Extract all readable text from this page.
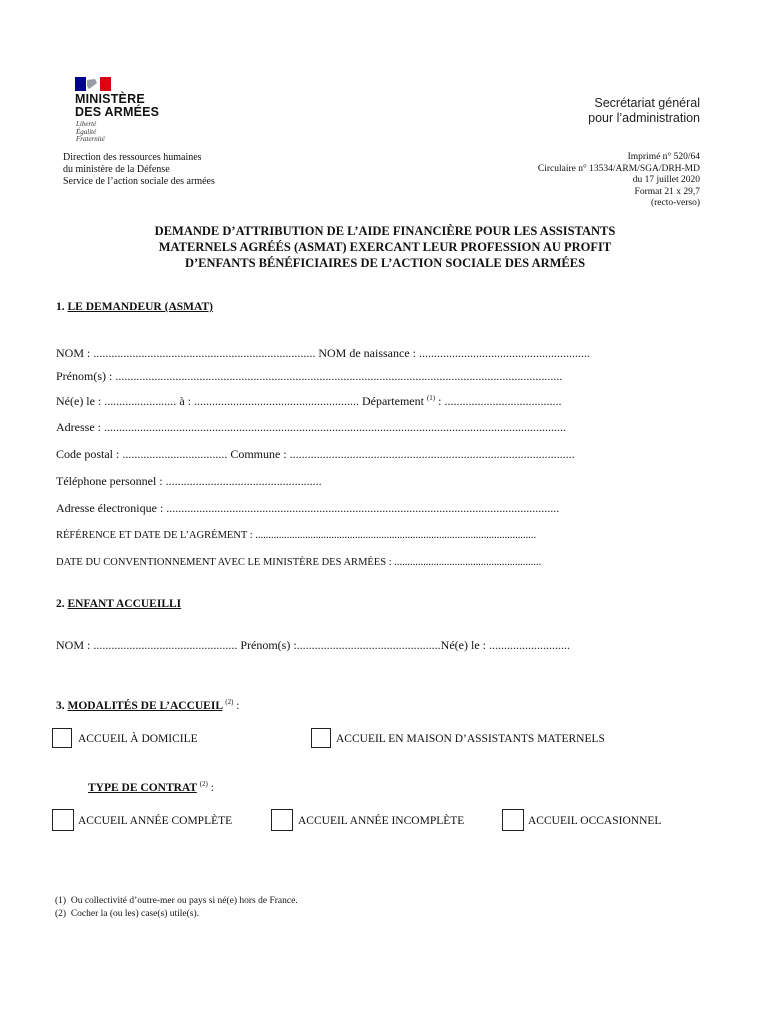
MINISTÈRE
DES ARMÉES
Liberté
Égalité
Fraternité
Secrétariat général
pour l’administration
Direction des ressources humaines
du ministère de la Défense
Service de l’action sociale des armées
Imprimé n° 520/64
Circulaire n° 13534/ARM/SGA/DRH-MD
du 17 juillet 2020
Format 21 x 29,7
(recto-verso)
DEMANDE D’ATTRIBUTION DE L’AIDE FINANCIÈRE POUR LES ASSISTANTS
MATERNELS AGRÉÉS (ASMAT) EXERCANT LEUR PROFESSION AU PROFIT
D’ENFANTS BÉNÉFICIAIRES DE L’ACTION SOCIALE DES ARMÉES
1. LE DEMANDEUR (ASMAT)
NOM : .......................................................................... NOM de naissance : .........................................................
Prénom(s) : .....................................................................................................................................................
Né(e) le : ........................ à : ....................................................... Département $^{(1)}$ : .......................................
Adresse : ..........................................................................................................................................................
Code postal : ................................... Commune : ...............................................................................................
Téléphone personnel : ....................................................
Adresse électronique : ...................................................................................................................................
RÉFÉRENCE ET DATE DE L’AGRÉMENT : ...........................................................................................................
DATE DU CONVENTIONNEMENT AVEC LE MINISTÈRE DES ARMÉES : ........................................................
2. ENFANT ACCUEILLI
NOM : ................................................ Prénom(s) :................................................Né(e) le : ...........................
3. MODALITÉS DE L’ACCUEIL $^{(2)}$ :
ACCUEIL À DOMICILE	ACCUEIL EN MAISON D’ASSISTANTS MATERNELS
TYPE DE CONTRAT $^{(2)}$ :
ACCUEIL ANNÉE COMPLÈTE	ACCUEIL ANNÉE INCOMPLÈTE	ACCUEIL OCCASIONNEL
(1) Ou collectivité d’outre-mer ou pays si né(e) hors de France.
(2) Cocher la (ou les) case(s) utile(s).
